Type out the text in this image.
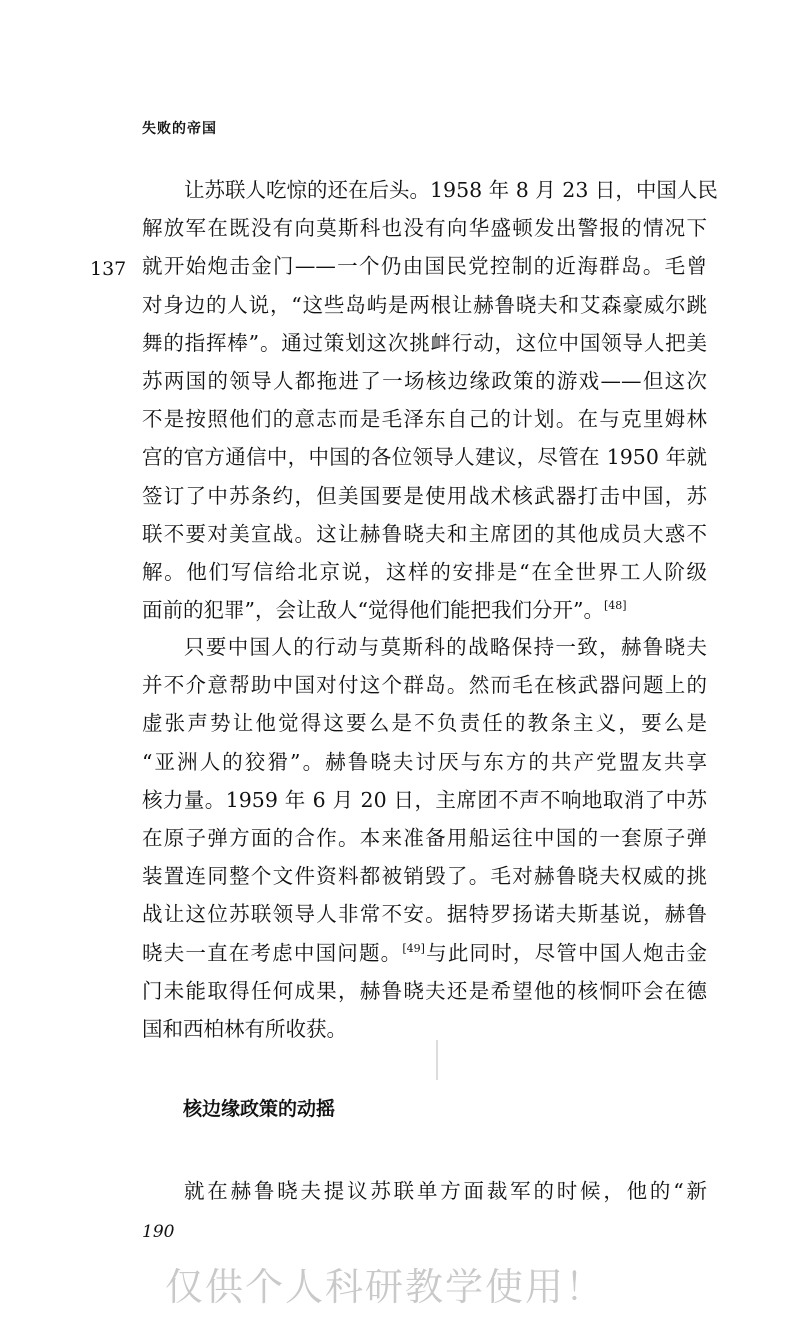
失败的帝国
137
让苏联人吃惊的还在后头。1958 年 8 月 23 日，中国人民
解放军在既没有向莫斯科也没有向华盛顿发出警报的情况下
就开始炮击金门——一个仍由国民党控制的近海群岛。毛曾
对身边的人说，“这些岛屿是两根让赫鲁晓夫和艾森豪威尔跳
舞的指挥棒”。通过策划这次挑衅行动，这位中国领导人把美
苏两国的领导人都拖进了一场核边缘政策的游戏——但这次
不是按照他们的意志而是毛泽东自己的计划。在与克里姆林
宫的官方通信中，中国的各位领导人建议，尽管在 1950 年就
签订了中苏条约，但美国要是使用战术核武器打击中国，苏
联不要对美宣战。这让赫鲁晓夫和主席团的其他成员大惑不
解。他们写信给北京说，这样的安排是“在全世界工人阶级
面前的犯罪”，会让敌人“觉得他们能把我们分开”。[48]
只要中国人的行动与莫斯科的战略保持一致，赫鲁晓夫
并不介意帮助中国对付这个群岛。然而毛在核武器问题上的
虚张声势让他觉得这要么是不负责任的教条主义，要么是
“亚洲人的狡猾”。赫鲁晓夫讨厌与东方的共产党盟友共享
核力量。1959 年 6 月 20 日，主席团不声不响地取消了中苏
在原子弹方面的合作。本来准备用船运往中国的一套原子弹
装置连同整个文件资料都被销毁了。毛对赫鲁晓夫权威的挑
战让这位苏联领导人非常不安。据特罗扬诺夫斯基说，赫鲁
晓夫一直在考虑中国问题。[49]与此同时，尽管中国人炮击金
门未能取得任何成果，赫鲁晓夫还是希望他的核恫吓会在德
国和西柏林有所收获。
核边缘政策的动摇
就在赫鲁晓夫提议苏联单方面裁军的时候，他的“新
190
仅供个人科研教学使用！
